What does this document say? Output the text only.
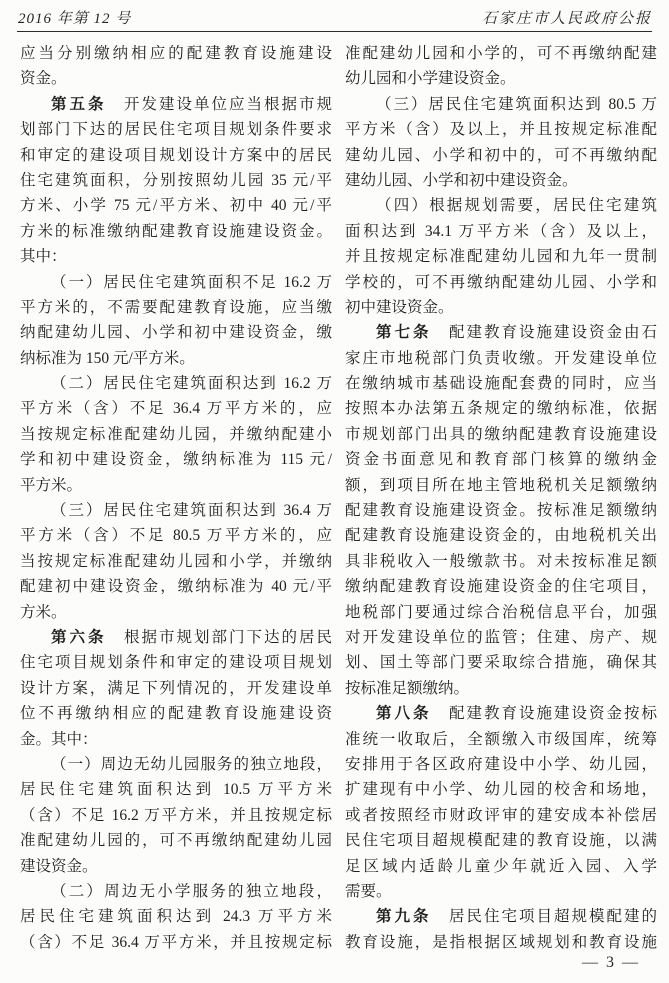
2016 年第 12 号	石家庄市人民政府公报
应当分别缴纳相应的配建教育设施建设
资金。
第五条　开发建设单位应当根据市规
划部门下达的居民住宅项目规划条件要求
和审定的建设项目规划设计方案中的居民
住宅建筑面积，分别按照幼儿园 35 元/平
方米、小学 75 元/平方米、初中 40 元/平
方米的标准缴纳配建教育设施建设资金。
其中：
（一）居民住宅建筑面积不足 16.2 万
平方米的，不需要配建教育设施，应当缴
纳配建幼儿园、小学和初中建设资金，缴
纳标准为 150 元/平方米。
（二）居民住宅建筑面积达到 16.2 万
平方米（含）不足 36.4 万平方米的，应
当按规定标准配建幼儿园，并缴纳配建小
学和初中建设资金，缴纳标准为 115 元/
平方米。
（三）居民住宅建筑面积达到 36.4 万
平方米（含）不足 80.5 万平方米的，应
当按规定标准配建幼儿园和小学，并缴纳
配建初中建设资金，缴纳标准为 40 元/平
方米。
第六条　根据市规划部门下达的居民
住宅项目规划条件和审定的建设项目规划
设计方案，满足下列情况的，开发建设单
位不再缴纳相应的配建教育设施建设资
金。其中：
（一）周边无幼儿园服务的独立地段，
居民住宅建筑面积达到 10.5 万平方米
（含）不足 16.2 万平方米，并且按规定标
准配建幼儿园的，可不再缴纳配建幼儿园
建设资金。
（二）周边无小学服务的独立地段，
居民住宅建筑面积达到 24.3 万平方米
（含）不足 36.4 万平方米，并且按规定标
准配建幼儿园和小学的，可不再缴纳配建
幼儿园和小学建设资金。
（三）居民住宅建筑面积达到 80.5 万
平方米（含）及以上，并且按规定标准配
建幼儿园、小学和初中的，可不再缴纳配
建幼儿园、小学和初中建设资金。
（四）根据规划需要，居民住宅建筑
面积达到 34.1 万平方米（含）及以上，
并且按规定标准配建幼儿园和九年一贯制
学校的，可不再缴纳配建幼儿园、小学和
初中建设资金。
第七条　配建教育设施建设资金由石
家庄市地税部门负责收缴。开发建设单位
在缴纳城市基础设施配套费的同时，应当
按照本办法第五条规定的缴纳标准，依据
市规划部门出具的缴纳配建教育设施建设
资金书面意见和教育部门核算的缴纳金
额，到项目所在地主管地税机关足额缴纳
配建教育设施建设资金。按标准足额缴纳
配建教育设施建设资金的，由地税机关出
具非税收入一般缴款书。对未按标准足额
缴纳配建教育设施建设资金的住宅项目，
地税部门要通过综合治税信息平台，加强
对开发建设单位的监管；住建、房产、规
划、国土等部门要采取综合措施，确保其
按标准足额缴纳。
第八条　配建教育设施建设资金按标
准统一收取后，全额缴入市级国库，统筹
安排用于各区政府建设中小学、幼儿园，
扩建现有中小学、幼儿园的校舍和场地，
或者按照经市财政评审的建安成本补偿居
民住宅项目超规模配建的教育设施，以满
足区域内适龄儿童少年就近入园、入学
需要。
第九条　居民住宅项目超规模配建的
教育设施，是指根据区域规划和教育设施
— 3 —
